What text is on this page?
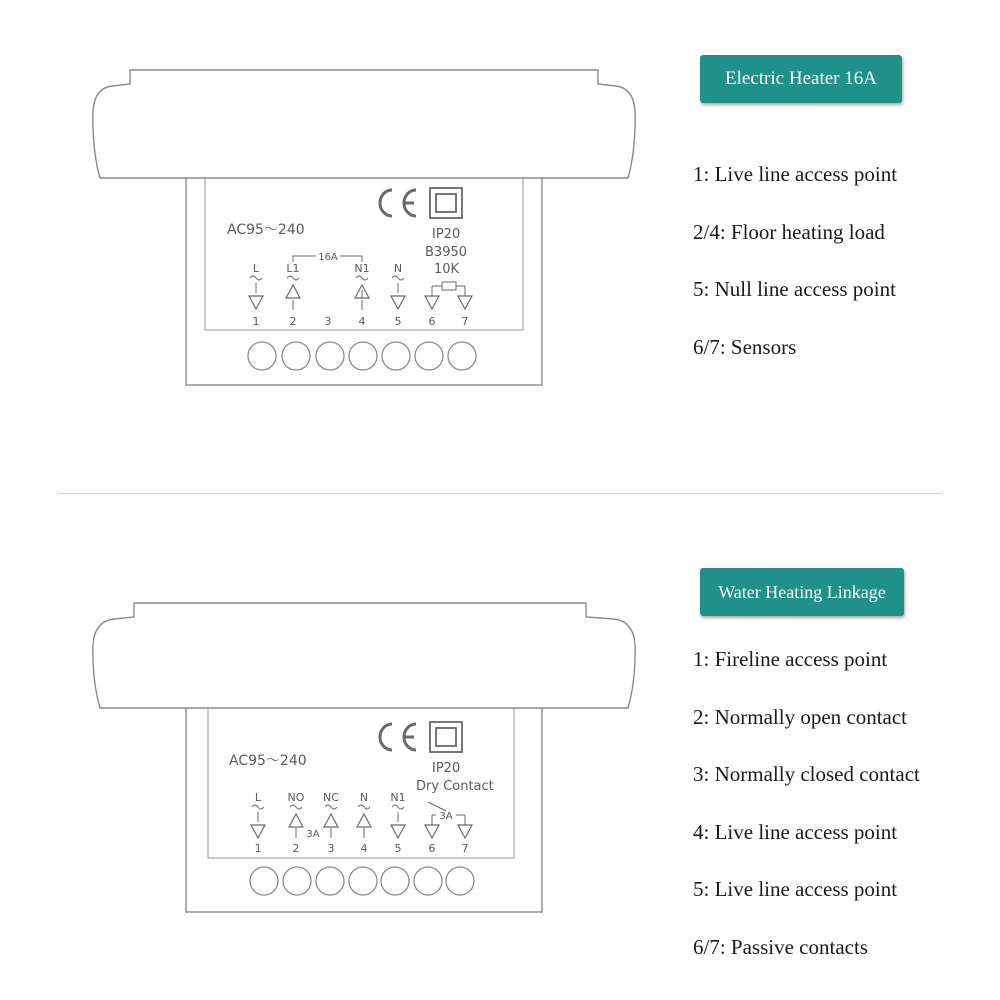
AC95～240	IP20
B3950
10K
16A
L L1	N1 N
1	2	3 4	5 6 7
Electric Heater 16A
1: Live line access point
2/4: Floor heating load
5: Null line access point
6/7: Sensors
AC95～240	IP20
Dry Contact
L NO NC N N1
3A
3A
1	2	3 4 5 6 7
Water Heating Linkage
1: Fireline access point
2: Normally open contact
3: Normally closed contact
4: Live line access point
5: Live line access point
6/7: Passive contacts
